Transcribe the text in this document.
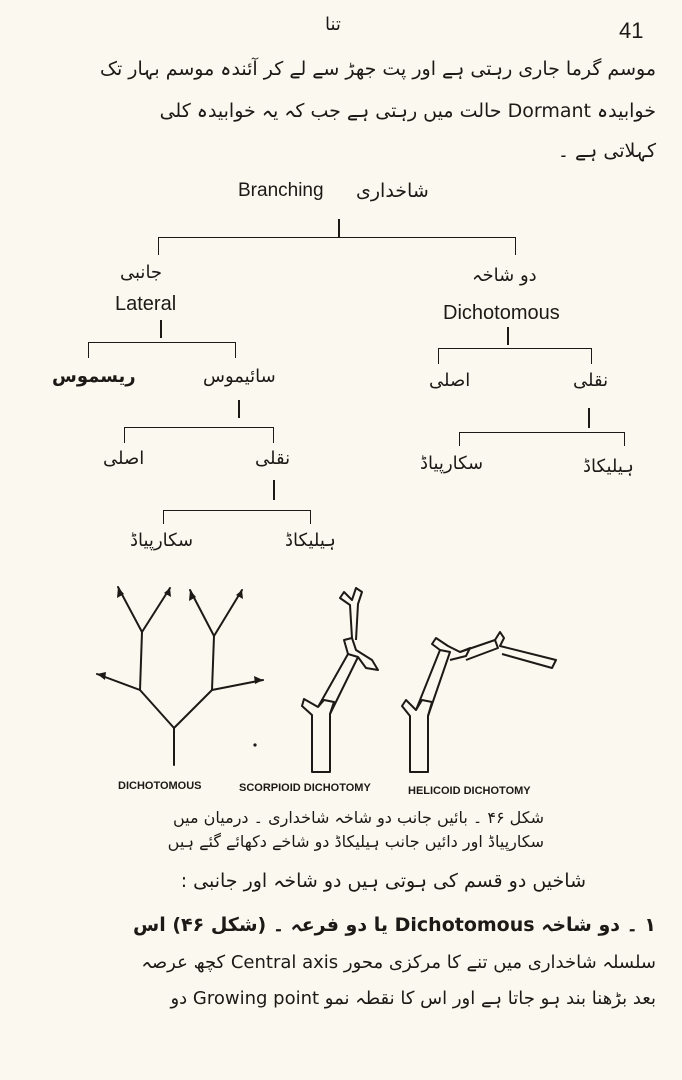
تنا	41
موسم گرما جاری رہتی ہے اور پت جھڑ سے لے کر آئندہ موسم بہار تک
خوابیدہ Dormant حالت میں رہتی ہے جب کہ یہ خوابیدہ کلی
کہلاتی ہے ۔
Branching شاخداری
جانبی
Lateral
دو شاخہ
Dichotomous
ریسموس	سائیموس
اصلی	نقلی
سکارپیاڈ	ہیلیکاڈ
اصلی	نقلی
سکارپیاڈ	ہیلیکاڈ
DICHOTOMOUS	SCORPIOID DICHOTOMY	HELICOID DICHOTOMY
شکل ۴۶ ۔ بائیں جانب دو شاخہ شاخداری ۔ درمیان میں
سکارپیاڈ اور دائیں جانب ہیلیکاڈ دو شاخے دکھائے گئے ہیں
شاخیں دو قسم کی ہوتی ہیں دو شاخہ اور جانبی :
۱ ۔ دو شاخہ Dichotomous یا دو فرعہ ۔ (شکل ۴۶) اس
سلسلہ شاخداری میں تنے کا مرکزی محور Central axis کچھ عرصہ
بعد بڑھنا بند ہو جاتا ہے اور اس کا نقطہ نمو Growing point دو
